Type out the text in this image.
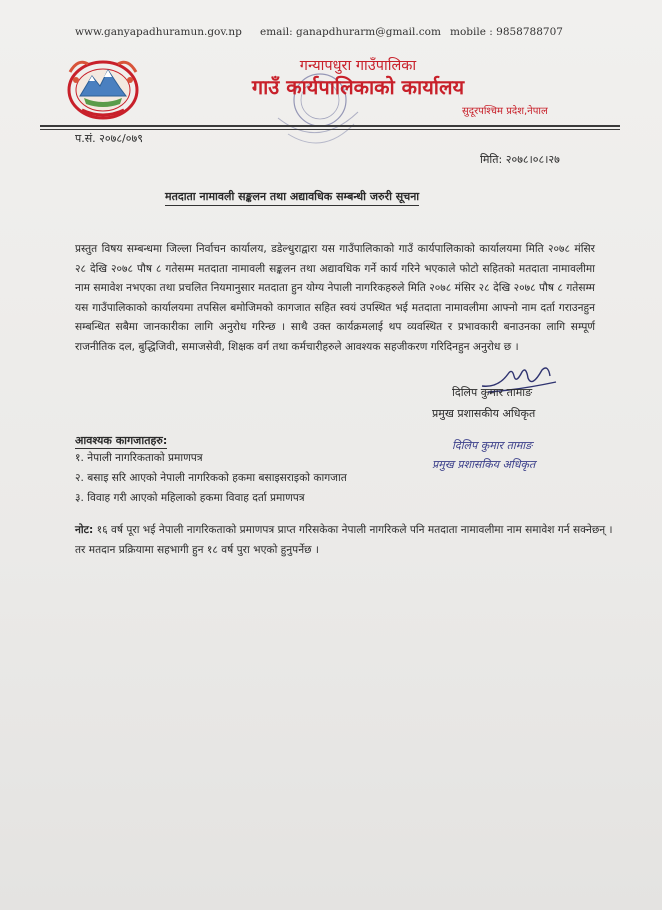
www.ganyapadhuramun.gov.np email: ganapdhurarm@gmail.com mobile : 9858788707
गन्यापधुरा गाउँपालिका
गाउँ कार्यपालिकाको कार्यालय
सुदूरपश्चिम प्रदेश,नेपाल
प.सं. २०७८/०७९
मिति: २०७८।०८।२७
मतदाता नामावली सङ्कलन तथा अद्यावधिक सम्बन्धी जरुरी सूचना
प्रस्तुत विषय सम्बन्धमा जिल्ला निर्वाचन कार्यालय, डडेल्धुराद्वारा यस गाउँपालिकाको गाउँ कार्यपालिकाको कार्यालयमा मिति २०७८ मंसिर २८ देखि २०७८ पौष ८ गतेसम्म मतदाता नामावली सङ्कलन तथा अद्यावधिक गर्ने कार्य गरिने भएकाले फोटो सहितको मतदाता नामावलीमा नाम समावेश नभएका तथा प्रचलित नियमानुसार मतदाता हुन योग्य नेपाली नागरिकहरुले मिति २०७८ मंसिर २८ देखि २०७८ पौष ८ गतेसम्म यस गाउँपालिकाको कार्यालयमा तपसिल बमोजिमको कागजात सहित स्वयं उपस्थित भई मतदाता नामावलीमा आफ्नो नाम दर्ता गराउनहुन सम्बन्धित सबैमा जानकारीका लागि अनुरोध गरिन्छ । साथै उक्त कार्यक्रमलाई थप व्यवस्थित र प्रभावकारी बनाउनका लागि सम्पूर्ण राजनीतिक दल, बुद्धिजिवी, समाजसेवी, शिक्षक वर्ग तथा कर्मचारीहरुले आवश्यक सहजीकरण गरिदिनहुन अनुरोध छ ।
दिलिप कुमार तामाङ
प्रमुख प्रशासकीय अधिकृत
दिलिप कुमार तामाङ
प्रमुख प्रशासकिय अधिकृत
आवश्यक कागजातहरु:
१. नेपाली नागरिकताको प्रमाणपत्र
२. बसाइ सरि आएको नेपाली नागरिकको हकमा बसाइसराइको कागजात
३. विवाह गरी आएको महिलाको हकमा विवाह दर्ता प्रमाणपत्र
नोट: १६ वर्ष पूरा भई नेपाली नागरिकताको प्रमाणपत्र प्राप्त गरिसकेका नेपाली नागरिकले पनि मतदाता नामावलीमा नाम समावेश गर्न सक्नेछन् । तर मतदान प्रक्रियामा सहभागी हुन १८ वर्ष पुरा भएको हुनुपर्नेछ ।
